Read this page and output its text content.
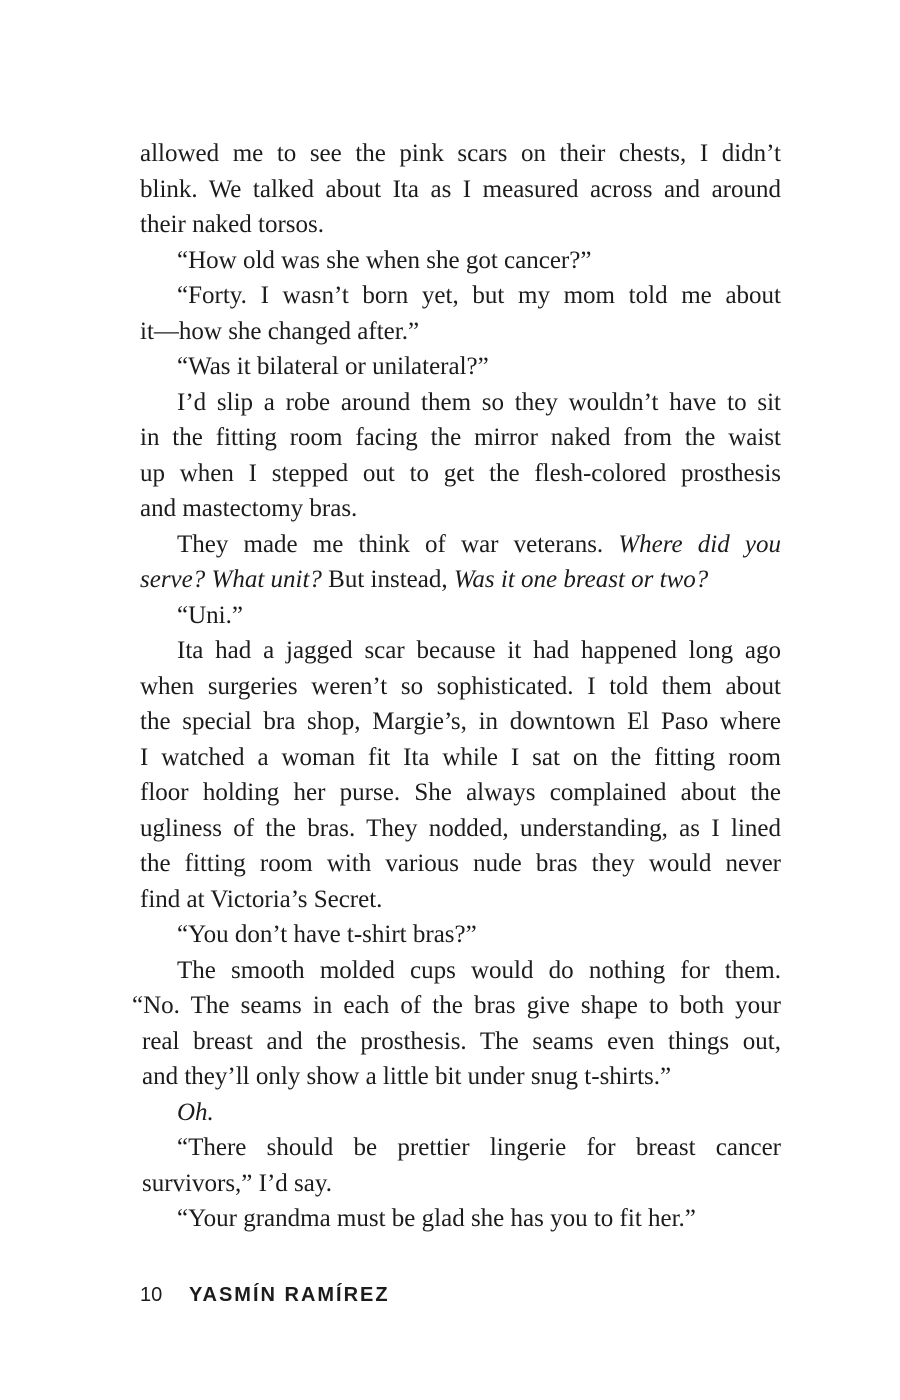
allowed me to see the pink scars on their chests, I didn’t
blink. We talked about Ita as I measured across and around
their naked torsos.
“How old was she when she got cancer?”
“Forty. I wasn’t born yet, but my mom told me about
it—how she changed after.”
“Was it bilateral or unilateral?”
I’d slip a robe around them so they wouldn’t have to sit
in the fitting room facing the mirror naked from the waist
up when I stepped out to get the flesh-colored prosthesis
and mastectomy bras.
They made me think of war veterans. Where did you
serve? What unit? But instead, Was it one breast or two?
“Uni.”
Ita had a jagged scar because it had happened long ago
when surgeries weren’t so sophisticated. I told them about
the special bra shop, Margie’s, in downtown El Paso where
I watched a woman fit Ita while I sat on the fitting room
floor holding her purse. She always complained about the
ugliness of the bras. They nodded, understanding, as I lined
the fitting room with various nude bras they would never
find at Victoria’s Secret.
“You don’t have t-shirt bras?”
The smooth molded cups would do nothing for them.
“No. The seams in each of the bras give shape to both your
real breast and the prosthesis. The seams even things out,
and they’ll only show a little bit under snug t-shirts.”
Oh.
“There should be prettier lingerie for breast cancer
survivors,” I’d say.
“Your grandma must be glad she has you to fit her.”
10 YASMÍN RAMÍREZ
